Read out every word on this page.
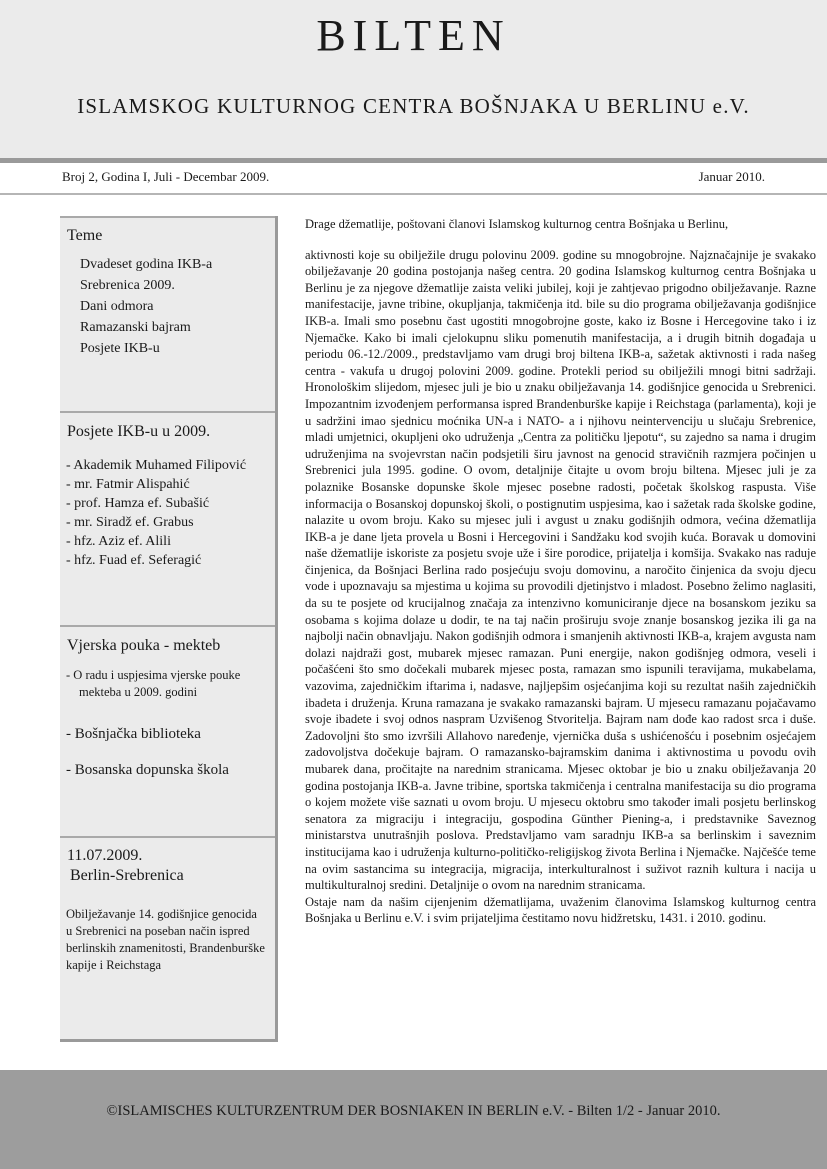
BILTEN
ISLAMSKOG KULTURNOG CENTRA BOŠNJAKA U BERLINU e.V.
Broj 2, Godina I, Juli - Decembar 2009.	Januar 2010.
Teme
Dvadeset godina IKB-a
Srebrenica 2009.
Dani odmora
Ramazanski bajram
Posjete IKB-u
Posjete IKB-u u 2009.
- Akademik Muhamed Filipović
- mr. Fatmir Alispahić
- prof. Hamza ef. Subašić
- mr. Siradž ef. Grabus
- hfz. Aziz ef. Alili
- hfz. Fuad ef. Seferagić
Vjerska pouka - mekteb
- O radu i uspjesima vjerske pouke
mekteba u 2009. godini
- Bošnjačka biblioteka
- Bosanska dopunska škola
11.07.2009.
Berlin-Srebrenica
Obilježavanje 14. godišnjice genocida u Srebrenici na poseban način ispred berlinskih znamenitosti, Brandenburške kapije i Reichstaga

Drage džematlije, poštovani članovi Islamskog kulturnog centra Bošnjaka u Berlinu,

aktivnosti koje su obilježile drugu polovinu 2009. godine su mnogobrojne. Najznačajnije je svakako obilježavanje 20 godina postojanja našeg centra. 20 godina Islamskog kulturnog centra Bošnjaka u Berlinu je za njegove džematlije zaista veliki jubilej, koji je zahtjevao prigodno obilježavanje. Razne manifestacije, javne tribine, okupljanja, takmičenja itd. bile su dio programa obilježavanja godišnjice IKB-a. Imali smo posebnu čast ugostiti mnogobrojne goste, kako iz Bosne i Hercegovine tako i iz Njemačke. Kako bi imali cjelokupnu sliku pomenutih manifestacija, a i drugih bitnih događaja u periodu 06.-12./2009., predstavljamo vam drugi broj biltena IKB-a, sažetak aktivnosti i rada našeg centra - vakufa u drugoj polovini 2009. godine. Protekli period su obilježili mnogi bitni sadržaji. Hronološkim slijedom, mjesec juli je bio u znaku obilježavanja 14. godišnjice genocida u Srebrenici. Impozantnim izvođenjem performansa ispred Brandenburške kapije i Reichstaga (parlamenta), koji je u sadržini imao sjednicu moćnika UN-a i NATO- a i njihovu neintervenciju u slučaju Srebrenice, mladi umjetnici, okupljeni oko udruženja „Centra za političku ljepotu“, su zajedno sa nama i drugim udruženjima na svojevrstan način podsjetili širu javnost na genocid stravičnih razmjera počinjen u Srebrenici jula 1995. godine. O ovom, detaljnije čitajte u ovom broju biltena. Mjesec juli je za polaznike Bosanske dopunske škole mjesec posebne radosti, početak školskog raspusta. Više informacija o Bosanskoj dopunskoj školi, o postignutim uspjesima, kao i sažetak rada školske godine, nalazite u ovom broju. Kako su mjesec juli i avgust u znaku godišnjih odmora, većina džematlija IKB-a je dane ljeta provela u Bosni i Hercegovini i Sandžaku kod svojih kuća. Boravak u domovini naše džematlije iskoriste za posjetu svoje uže i šire porodice, prijatelja i komšija. Svakako nas raduje činjenica, da Bošnjaci Berlina rado posjećuju svoju domovinu, a naročito činjenica da svoju djecu vode i upoznavaju sa mjestima u kojima su provodili djetinjstvo i mladost. Posebno želimo naglasiti, da su te posjete od krucijalnog značaja za intenzivno komuniciranje djece na bosanskom jeziku sa osobama s kojima dolaze u dodir, te na taj način proširuju svoje znanje bosanskog jezika ili ga na najbolji način obnavljaju. Nakon godišnjih odmora i smanjenih aktivnosti IKB-a, krajem avgusta nam dolazi najdraži gost, mubarek mjesec ramazan. Puni energije, nakon godišnjeg odmora, veseli i počašćeni što smo dočekali mubarek mjesec posta, ramazan smo ispunili teravijama, mukabelama, vazovima, zajedničkim iftarima i, nadasve, najljepšim osjećanjima koji su rezultat naših zajedničkih ibadeta i druženja. Kruna ramazana je svakako ramazanski bajram. U mjesecu ramazanu pojačavamo svoje ibadete i svoj odnos naspram Uzvišenog Stvoritelja. Bajram nam dođe kao radost srca i duše. Zadovoljni što smo izvršili Allahovo naređenje, vjernička duša s ushićenošću i posebnim osjećajem zadovoljstva dočekuje bajram. O ramazansko-bajramskim danima i aktivnostima u povodu ovih mubarek dana, pročitajte na narednim stranicama. Mjesec oktobar je bio u znaku obilježavanja 20 godina postojanja IKB-a. Javne tribine, sportska takmičenja i centralna manifestacija su dio programa o kojem možete više saznati u ovom broju. U mjesecu oktobru smo također imali posjetu berlinskog senatora za migraciju i integraciju, gospodina Günther Piening-a, i predstavnike Saveznog ministarstva unutrašnjih poslova. Predstavljamo vam saradnju IKB-a sa berlinskim i saveznim institucijama kao i udruženja kulturno-političko-religijskog života Berlina i Njemačke. Najčešće teme na ovim sastancima su integracija, migracija, interkulturalnost i suživot raznih kultura i nacija u multikulturalnoj sredini. Detaljnije o ovom na narednim stranicama.
Ostaje nam da našim cijenjenim džematlijama, uvaženim članovima Islamskog kulturnog centra Bošnjaka u Berlinu e.V. i svim prijateljima čestitamo novu hidžretsku, 1431. i 2010. godinu.

©ISLAMISCHES KULTURZENTRUM DER BOSNIAKEN IN BERLIN e.V. - Bilten 1/2 - Januar 2010.
